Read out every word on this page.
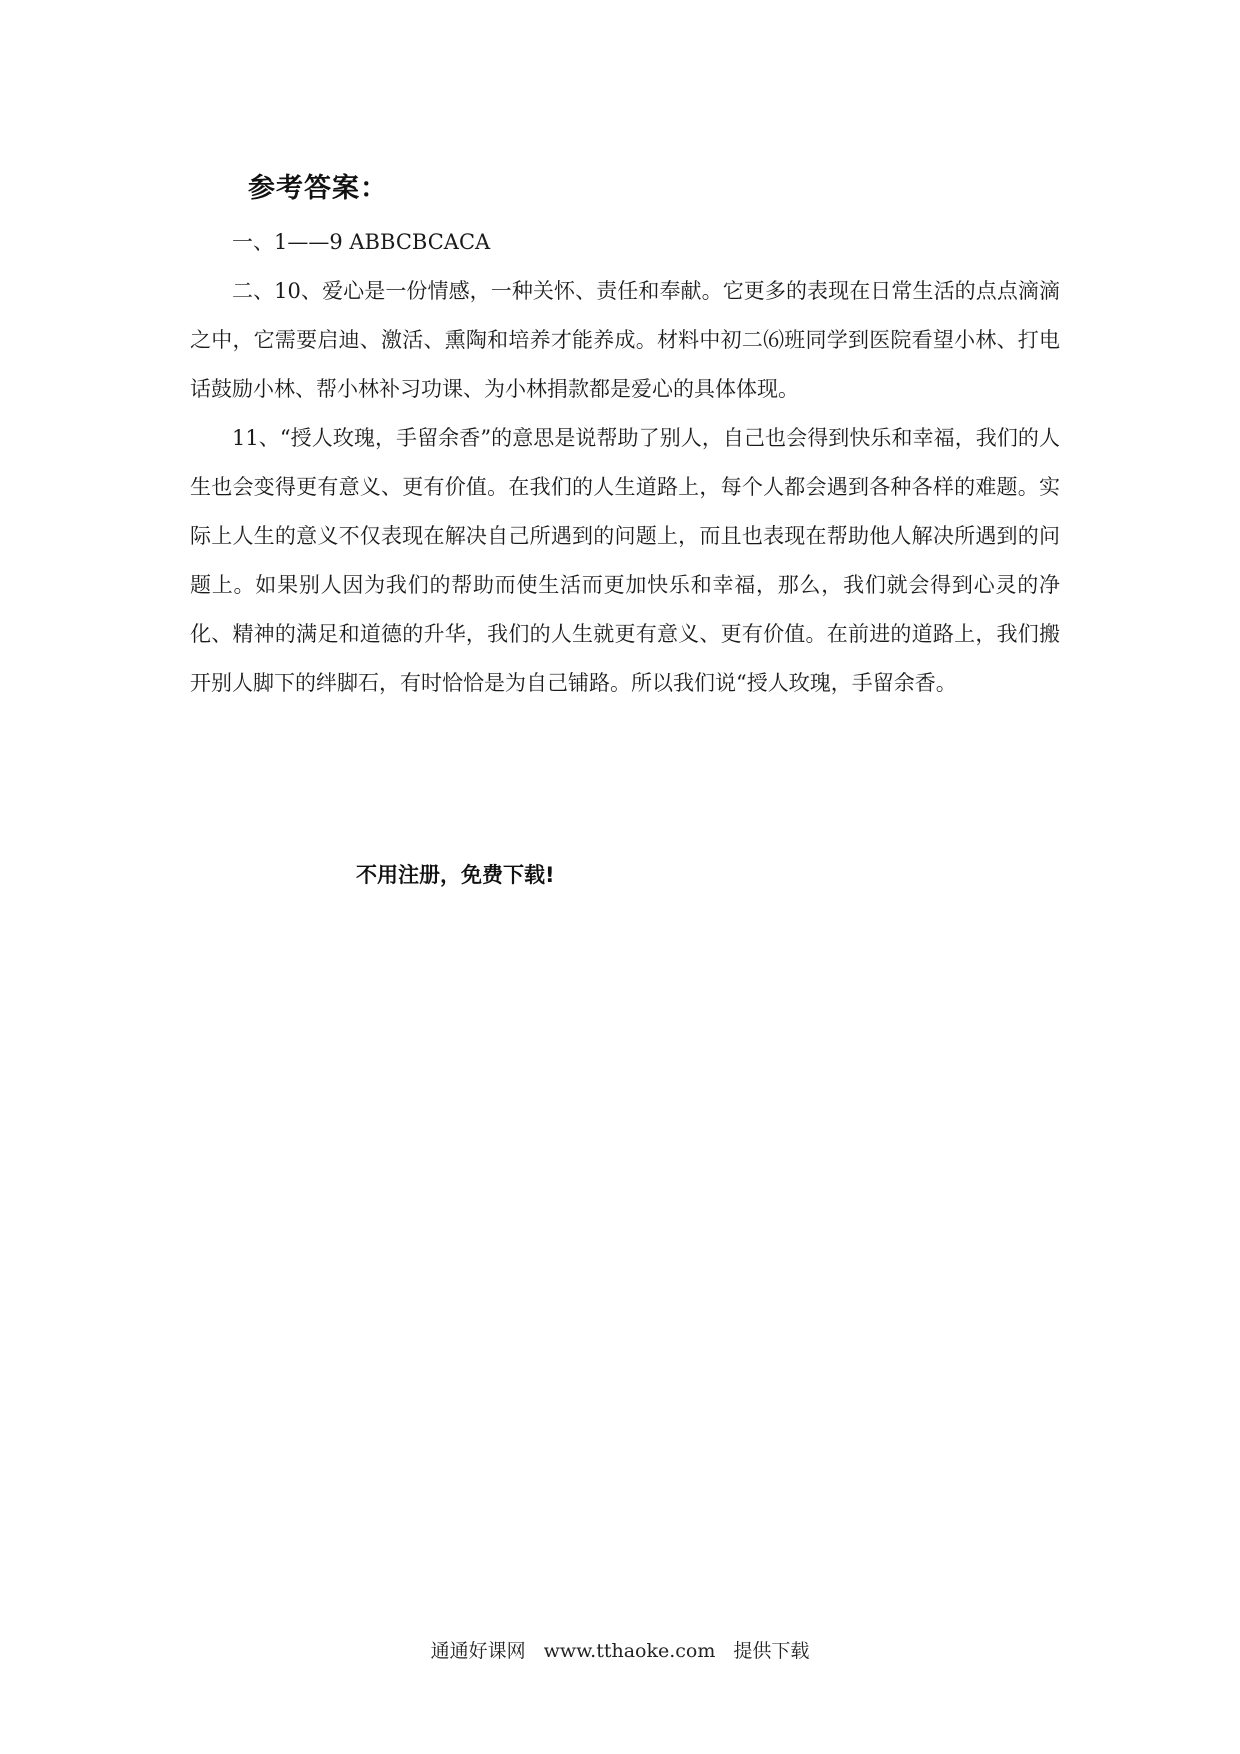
参考答案：
一、1——9 ABBCBCACA
二、10、爱心是一份情感，一种关怀、责任和奉献。它更多的表现在日常生活的点点滴滴之中，它需要启迪、激活、熏陶和培养才能养成。材料中初二⑹班同学到医院看望小林、打电话鼓励小林、帮小林补习功课、为小林捐款都是爱心的具体体现。
11、“授人玫瑰，手留余香”的意思是说帮助了别人，自己也会得到快乐和幸福，我们的人生也会变得更有意义、更有价值。在我们的人生道路上，每个人都会遇到各种各样的难题。实际上人生的意义不仅表现在解决自己所遇到的问题上，而且也表现在帮助他人解决所遇到的问题上。如果别人因为我们的帮助而使生活而更加快乐和幸福，那么，我们就会得到心灵的净化、精神的满足和道德的升华，我们的人生就更有意义、更有价值。在前进的道路上，我们搬开别人脚下的绊脚石，有时恰恰是为自己铺路。所以我们说“授人玫瑰，手留余香。
不用注册，免费下载!
通通好课网 www.tthaoke.com 提供下载
